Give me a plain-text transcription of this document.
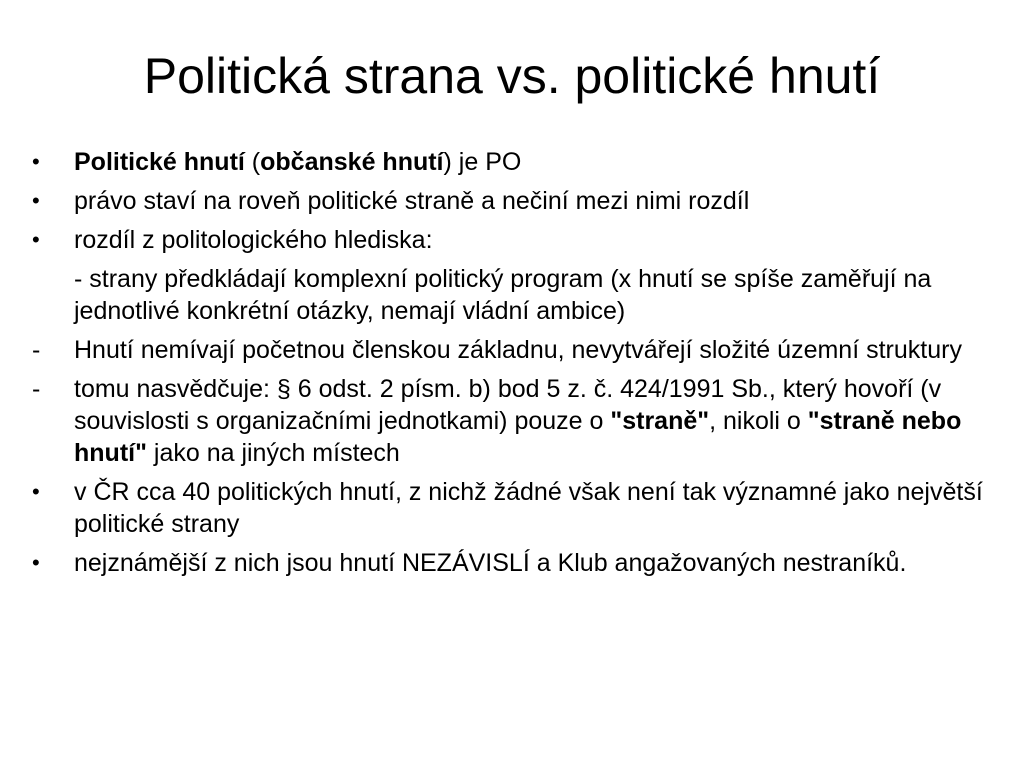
Politická strana vs. politické hnutí
•	Politické hnutí (občanské hnutí) je PO
•	právo staví na roveň politické straně a nečiní mezi nimi rozdíl
•	rozdíl z politologického hlediska:
- strany předkládají komplexní politický program (x hnutí se spíše zaměřují na jednotlivé konkrétní otázky, nemají vládní ambice)
-	Hnutí nemívají početnou členskou základnu, nevytvářejí složité územní struktury
-	tomu nasvědčuje: § 6 odst. 2 písm. b) bod 5 z. č. 424/1991 Sb., který hovoří (v souvislosti s organizačními jednotkami) pouze o "straně", nikoli o "straně nebo hnutí" jako na jiných místech
•	v ČR cca 40 politických hnutí, z nichž žádné však není tak významné jako největší politické strany
•	nejznámější z nich jsou hnutí NEZÁVISLÍ a Klub angažovaných nestraníků.
